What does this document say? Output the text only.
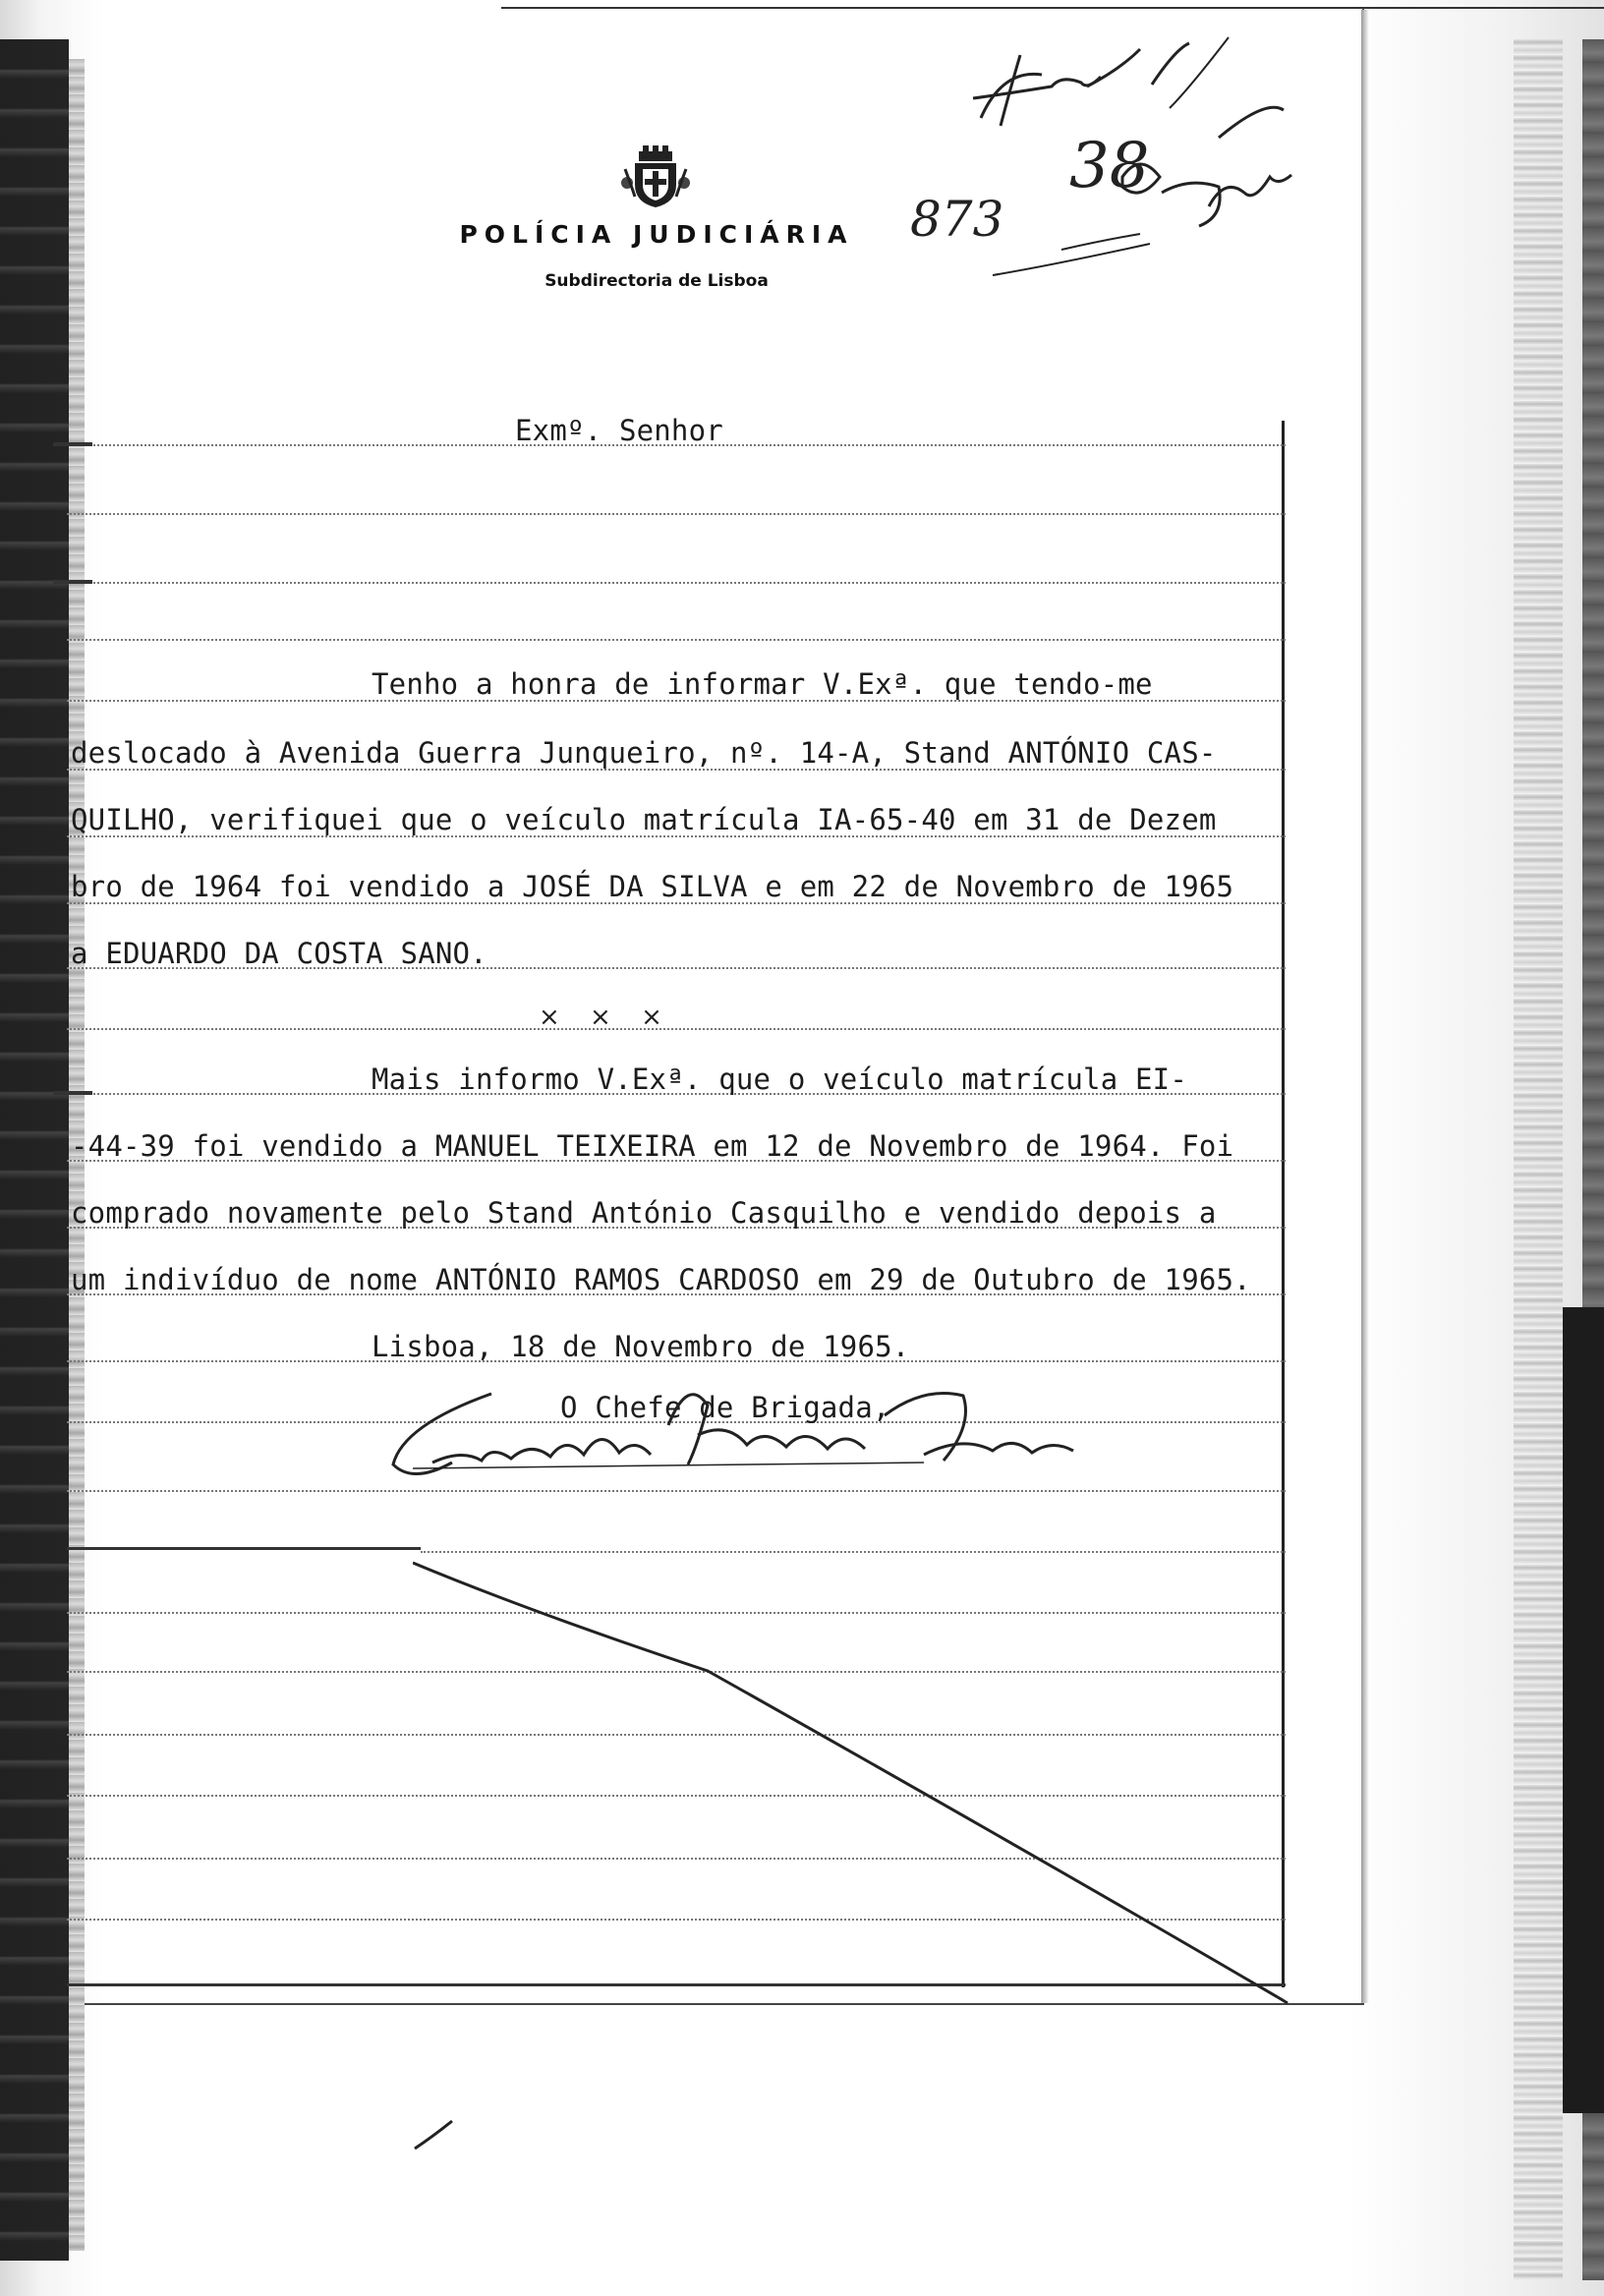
POLÍCIA JUDICIÁRIA
Subdirectoria de Lisboa
873
38
Exmº. Senhor
Tenho a honra de informar V.Exª. que tendo-me
deslocado à Avenida Guerra Junqueiro, nº. 14-A, Stand ANTÓNIO CAS-
QUILHO, verifiquei que o veículo matrícula IA-65-40 em 31 de Dezem
bro de 1964 foi vendido a JOSÉ DA SILVA e em 22 de Novembro de 1965
a EDUARDO DA COSTA SANO.
× × ×
Mais informo V.Exª. que o veículo matrícula EI-
-44-39 foi vendido a MANUEL TEIXEIRA em 12 de Novembro de 1964. Foi
comprado novamente pelo Stand António Casquilho e vendido depois a
um indivíduo de nome ANTÓNIO RAMOS CARDOSO em 29 de Outubro de 1965.
Lisboa, 18 de Novembro de 1965.
O Chefe de Brigada,
